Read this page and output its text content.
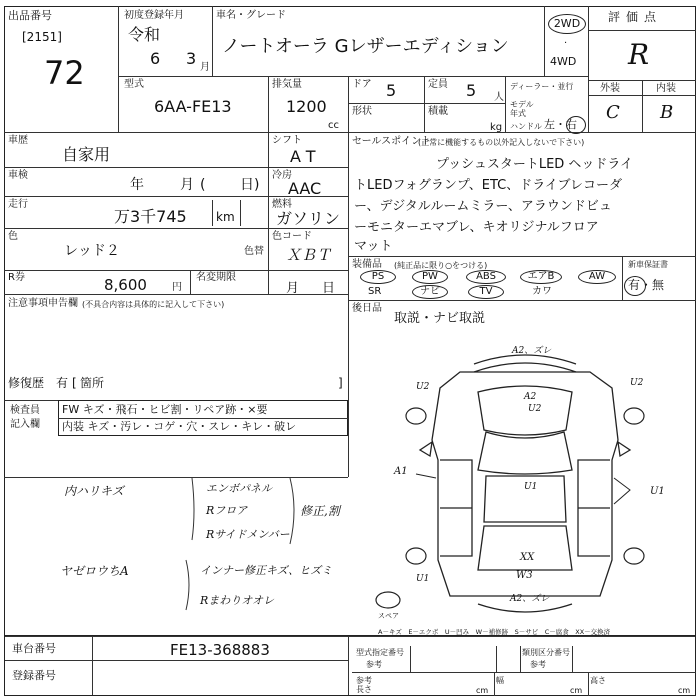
出品番号
[2151]
72
初度登録年月
令和
6 3 月
車名・グレード
ノートオーラ Gレザーエディション
2WD
·
4WD
評価点
R
外装	内装
C B
型式
6AA-FE13
排気量
1200
cc
ドア 5
形状
定員 5 人
積載
kg
ディーラー・並行
モデル年式
ハンドル 左・右
車歴
自家用
シフト
AT
車検
年	月 ( 日)
冷房
AAC
走行
万3千745 km
燃料
ガソリン
色
レッド２	色替
色コード
ＸＢＴ
R券	8,600	円
名変期限
月 日
セールスポイント
(正常に機能するもの以外記入しないで下さい)
プッシュスタートLED ヘッドライ
トLEDフォグランプ、ETC、ドライブレコーダ
ー、デジタルルームミラー、アラウンドビュ
ーモニターエマブレ、キオリジナルフロア
マット
装備品 (純正品に限り○をつける)	新車保証書
有・無
PS	PW	ABS	エアB	AW
SR	ナビ	TV	カワ
後日品
取説・ナビ取説
注意事項申告欄 (不具合内容は具体的に記入して下さい)
修復歴 有 [ 箇所	]
検査員記入欄
FW キズ・飛石・ヒビ割・リペア跡・×要
内装 キズ・汚レ・コゲ・穴・スレ・キレ・破レ
内ハリキズ	エンボパネル
Rフロア
Rサイドメンバー
修正,割
ヤゼロウちA	インナー修正キズ、ヒズミ
Rまわりオオレ
A2、ズレ
U2	U2
A2
U2
U1
A1
U1
XX
W3
U1
A2、ズレ
スペア
A－キズ　E－エクボ　U－凹み　W－補修跡　S－サビ　C－腐食　XX－交換済
車台番号	FE13-368883
登録番号
型式指定番号
参考
類別区分番号
参考
参考 長さ	cm
幅
cm
高さ
cm
